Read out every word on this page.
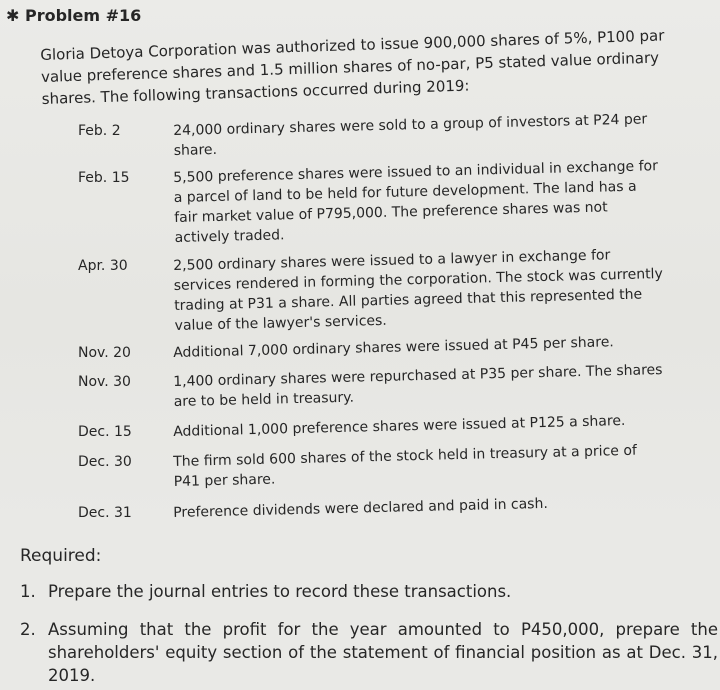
✱ Problem #16
Gloria Detoya Corporation was authorized to issue 900,000 shares of 5%, P100 par value preference shares and 1.5 million shares of no-par, P5 stated value ordinary shares. The following transactions occurred during 2019:
Feb. 2	24,000 ordinary shares were sold to a group of investors at P24 per share.
Feb. 15	5,500 preference shares were issued to an individual in exchange for a parcel of land to be held for future development. The land has a fair market value of P795,000. The preference shares was not actively traded.
Apr. 30	2,500 ordinary shares were issued to a lawyer in exchange for services rendered in forming the corporation. The stock was currently trading at P31 a share. All parties agreed that this represented the value of the lawyer's services.
Nov. 20	Additional 7,000 ordinary shares were issued at P45 per share.
Nov. 30	1,400 ordinary shares were repurchased at P35 per share. The shares are to be held in treasury.
Dec. 15	Additional 1,000 preference shares were issued at P125 a share.
Dec. 30	The firm sold 600 shares of the stock held in treasury at a price of P41 per share.
Dec. 31	Preference dividends were declared and paid in cash.
Required:
1. Prepare the journal entries to record these transactions.
2. Assuming that the profit for the year amounted to P450,000, prepare the shareholders' equity section of the statement of financial position as at Dec. 31, 2019.
